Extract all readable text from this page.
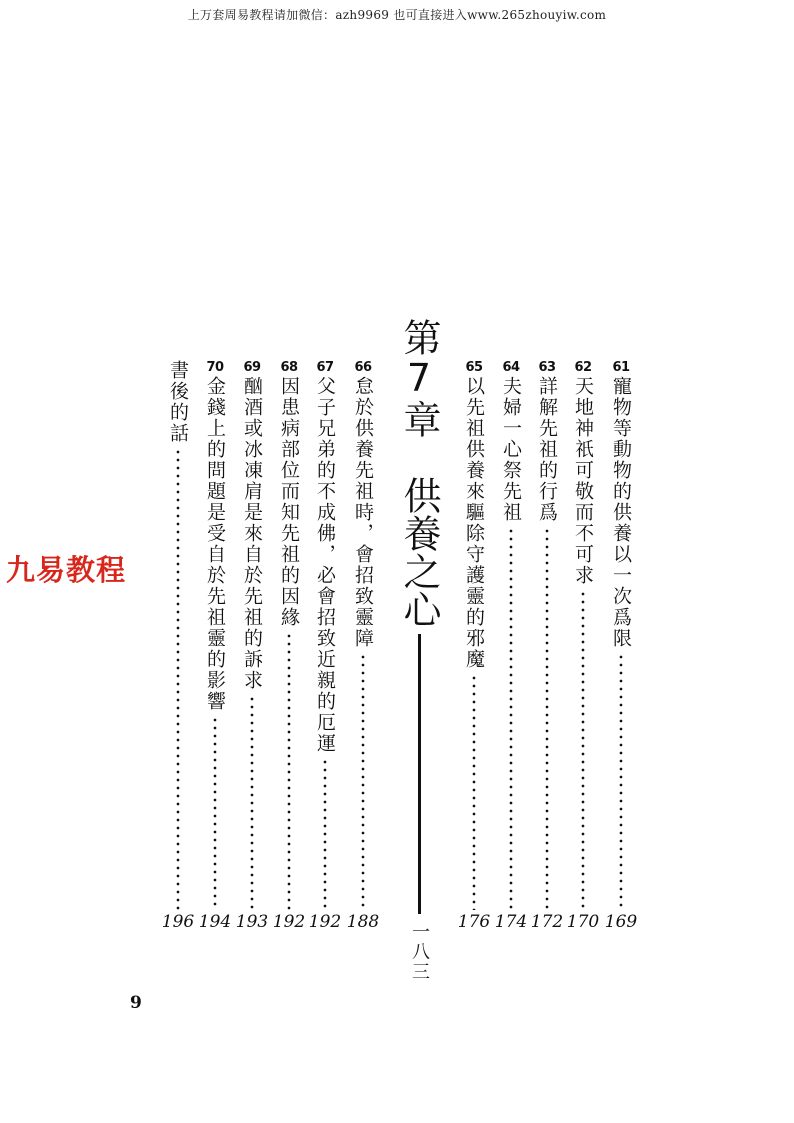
上万套周易教程请加微信：azh9969 也可直接进入www.265zhouyiw.com
九易教程
61
寵物等動物的供養以一次爲限
169
62
天地神祇可敬而不可求
170
63
詳解先祖的行爲
172
64
夫婦一心祭先祖
174
65
以先祖供養來驅除守護靈的邪魔
176
第7章　供養之心
一八三
66
怠於供養先祖時，會招致靈障
188
67
父子兄弟的不成佛，必會招致近親的厄運
192
68
因患病部位而知先祖的因緣
192
69
酗酒或冰凍肩是來自於先祖的訴求
193
70
金錢上的問題是受自於先祖靈的影響
194
書後的話
196
9
